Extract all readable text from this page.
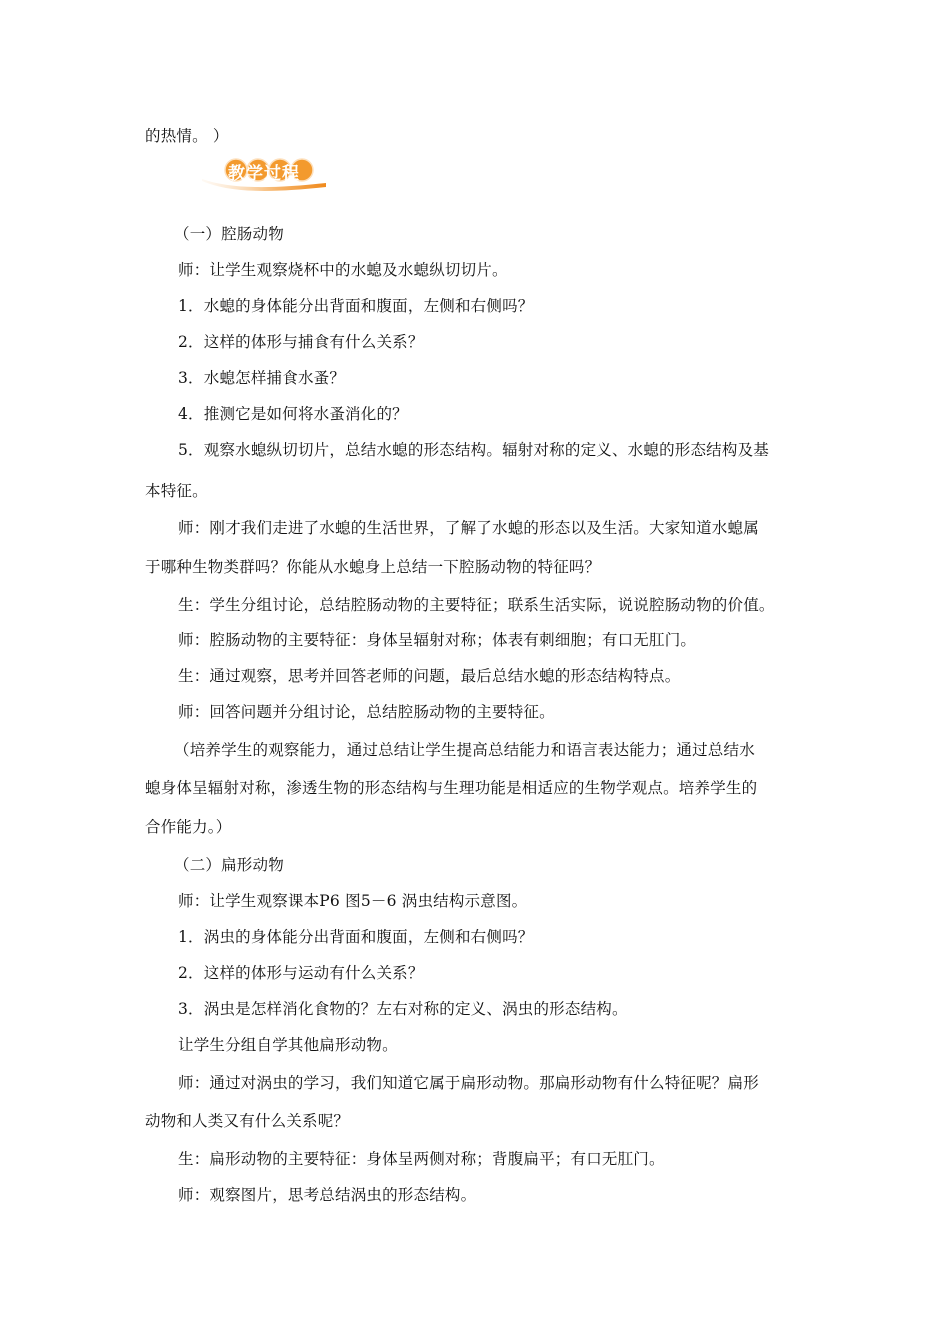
的热情。 ）
教学过程
（一）腔肠动物
师：让学生观察烧杯中的水螅及水螅纵切切片。
1．水螅的身体能分出背面和腹面，左侧和右侧吗？
2．这样的体形与捕食有什么关系？
3．水螅怎样捕食水蚤？
4．推测它是如何将水蚤消化的？
5．观察水螅纵切切片，总结水螅的形态结构。辐射对称的定义、水螅的形态结构及基
本特征。
师：刚才我们走进了水螅的生活世界，了解了水螅的形态以及生活。大家知道水螅属
于哪种生物类群吗？你能从水螅身上总结一下腔肠动物的特征吗？
生：学生分组讨论，总结腔肠动物的主要特征；联系生活实际，说说腔肠动物的价值。
师：腔肠动物的主要特征：身体呈辐射对称；体表有刺细胞；有口无肛门。
生：通过观察，思考并回答老师的问题，最后总结水螅的形态结构特点。
师：回答问题并分组讨论，总结腔肠动物的主要特征。
（培养学生的观察能力，通过总结让学生提高总结能力和语言表达能力；通过总结水
螅身体呈辐射对称，渗透生物的形态结构与生理功能是相适应的生物学观点。培养学生的
合作能力。）
（二）扁形动物
师：让学生观察课本P6 图5－6 涡虫结构示意图。
1．涡虫的身体能分出背面和腹面，左侧和右侧吗？
2．这样的体形与运动有什么关系？
3．涡虫是怎样消化食物的？左右对称的定义、涡虫的形态结构。
让学生分组自学其他扁形动物。
师：通过对涡虫的学习，我们知道它属于扁形动物。那扁形动物有什么特征呢？扁形
动物和人类又有什么关系呢？
生：扁形动物的主要特征：身体呈两侧对称；背腹扁平；有口无肛门。
师：观察图片，思考总结涡虫的形态结构。
